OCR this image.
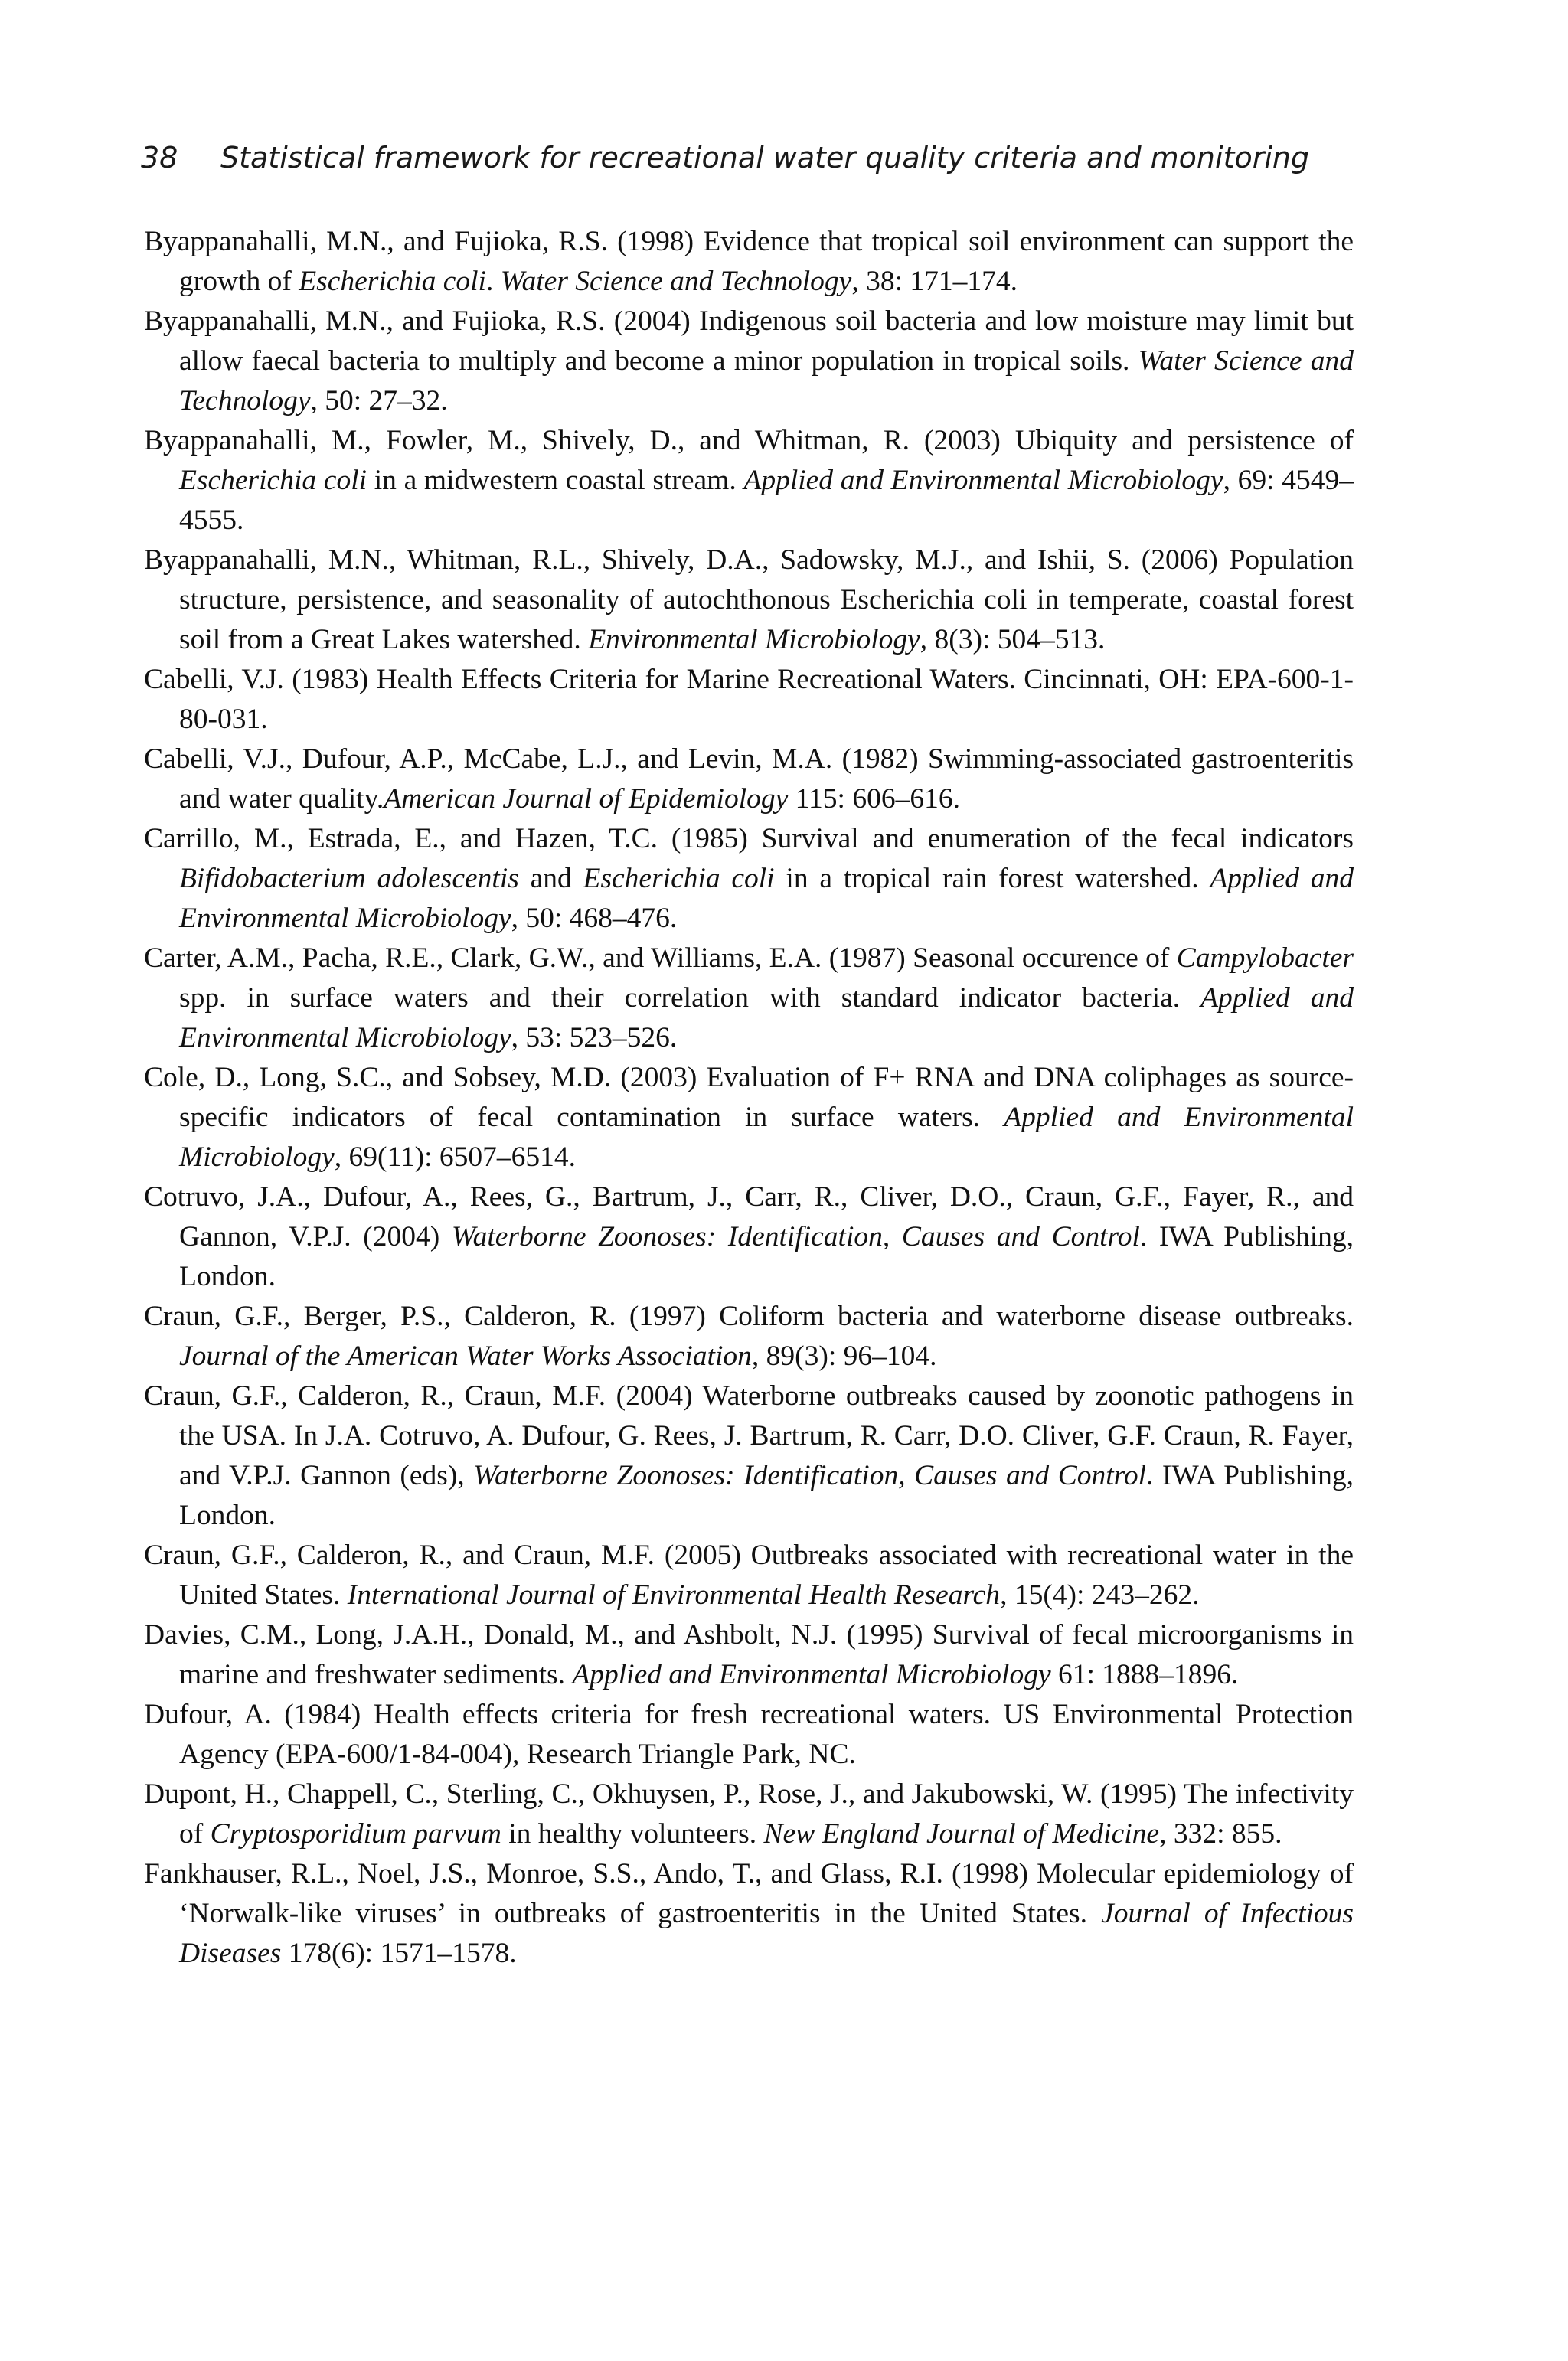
38 Statistical framework for recreational water quality criteria and monitoring

Byappanahalli, M.N., and Fujioka, R.S. (1998) Evidence that tropical soil environment can support the growth of Escherichia coli. Water Science and Technology, 38: 171–174.

Byappanahalli, M.N., and Fujioka, R.S. (2004) Indigenous soil bacteria and low moisture may limit but allow faecal bacteria to multiply and become a minor population in tropical soils. Water Science and Technology, 50: 27–32.

Byappanahalli, M., Fowler, M., Shively, D., and Whitman, R. (2003) Ubiquity and persistence of Escherichia coli in a midwestern coastal stream. Applied and Environmental Microbiology, 69: 4549–4555.

Byappanahalli, M.N., Whitman, R.L., Shively, D.A., Sadowsky, M.J., and Ishii, S. (2006) Population structure, persistence, and seasonality of autochthonous Escherichia coli in temperate, coastal forest soil from a Great Lakes watershed. Environmental Microbiology, 8(3): 504–513.

Cabelli, V.J. (1983) Health Effects Criteria for Marine Recreational Waters. Cincinnati, OH: EPA-600-1-80-031.

Cabelli, V.J., Dufour, A.P., McCabe, L.J., and Levin, M.A. (1982) Swimming-associated gastroenteritis and water quality.American Journal of Epidemiology 115: 606–616.

Carrillo, M., Estrada, E., and Hazen, T.C. (1985) Survival and enumeration of the fecal indicators Bifidobacterium adolescentis and Escherichia coli in a tropical rain forest watershed. Applied and Environmental Microbiology, 50: 468–476.

Carter, A.M., Pacha, R.E., Clark, G.W., and Williams, E.A. (1987) Seasonal occurence of Campylobacter spp. in surface waters and their correlation with standard indicator bacteria. Applied and Environmental Microbiology, 53: 523–526.

Cole, D., Long, S.C., and Sobsey, M.D. (2003) Evaluation of F+ RNA and DNA coliphages as source-specific indicators of fecal contamination in surface waters. Applied and Environmental Microbiology, 69(11): 6507–6514.

Cotruvo, J.A., Dufour, A., Rees, G., Bartrum, J., Carr, R., Cliver, D.O., Craun, G.F., Fayer, R., and Gannon, V.P.J. (2004) Waterborne Zoonoses: Identification, Causes and Control. IWA Publishing, London.

Craun, G.F., Berger, P.S., Calderon, R. (1997) Coliform bacteria and waterborne disease outbreaks. Journal of the American Water Works Association, 89(3): 96–104.

Craun, G.F., Calderon, R., Craun, M.F. (2004) Waterborne outbreaks caused by zoonotic pathogens in the USA. In J.A. Cotruvo, A. Dufour, G. Rees, J. Bartrum, R. Carr, D.O. Cliver, G.F. Craun, R. Fayer, and V.P.J. Gannon (eds), Waterborne Zoonoses: Identification, Causes and Control. IWA Publishing, London.

Craun, G.F., Calderon, R., and Craun, M.F. (2005) Outbreaks associated with recreational water in the United States. International Journal of Environmental Health Research, 15(4): 243–262.

Davies, C.M., Long, J.A.H., Donald, M., and Ashbolt, N.J. (1995) Survival of fecal microorganisms in marine and freshwater sediments. Applied and Environmental Microbiology 61: 1888–1896.

Dufour, A. (1984) Health effects criteria for fresh recreational waters. US Environmental Protection Agency (EPA-600/1-84-004), Research Triangle Park, NC.

Dupont, H., Chappell, C., Sterling, C., Okhuysen, P., Rose, J., and Jakubowski, W. (1995) The infectivity of Cryptosporidium parvum in healthy volunteers. New England Journal of Medicine, 332: 855.

Fankhauser, R.L., Noel, J.S., Monroe, S.S., Ando, T., and Glass, R.I. (1998) Molecular epidemiology of ‘Norwalk-like viruses’ in outbreaks of gastroenteritis in the United States. Journal of Infectious Diseases 178(6): 1571–1578.
